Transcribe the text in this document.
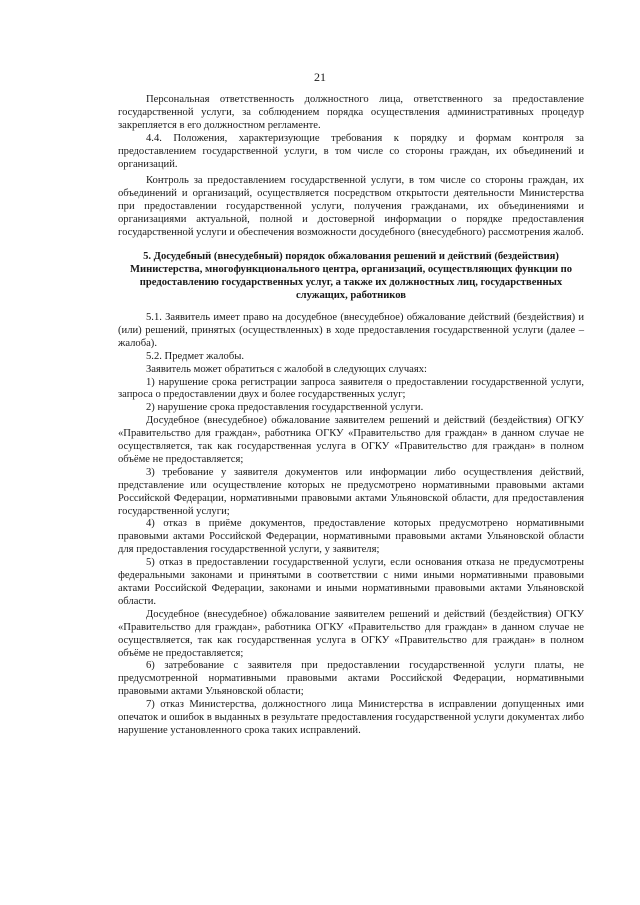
21

Персональная ответственность должностного лица, ответственного за предоставление государственной услуги, за соблюдением порядка осуществления административных процедур закрепляется в его должностном регламенте.

4.4. Положения, характеризующие требования к порядку и формам контроля за предоставлением государственной услуги, в том числе со стороны граждан, их объединений и организаций.

Контроль за предоставлением государственной услуги, в том числе со стороны граждан, их объединений и организаций, осуществляется посредством открытости деятельности Министерства при предоставлении государственной услуги, получения гражданами, их объединениями и организациями актуальной, полной и достоверной информации о порядке предоставления государственной услуги и обеспечения возможности досудебного (внесудебного) рассмотрения жалоб.

5. Досудебный (внесудебный) порядок обжалования решений и действий (бездействия) Министерства, многофункционального центра, организаций, осуществляющих функции по предоставлению государственных услуг, а также их должностных лиц, государственных служащих, работников

5.1. Заявитель имеет право на досудебное (внесудебное) обжалование действий (бездействия) и (или) решений, принятых (осуществленных) в ходе предоставления государственной услуги (далее – жалоба).

5.2. Предмет жалобы.

Заявитель может обратиться с жалобой в следующих случаях:

1) нарушение срока регистрации запроса заявителя о предоставлении государственной услуги, запроса о предоставлении двух и более государственных услуг;

2) нарушение срока предоставления государственной услуги.

Досудебное (внесудебное) обжалование заявителем решений и действий (бездействия) ОГКУ «Правительство для граждан», работника ОГКУ «Правительство для граждан» в данном случае не осуществляется, так как государственная услуга в ОГКУ «Правительство для граждан» в полном объёме не предоставляется;

3) требование у заявителя документов или информации либо осуществления действий, представление или осуществление которых не предусмотрено нормативными правовыми актами Российской Федерации, нормативными правовыми актами Ульяновской области, для предоставления государственной услуги;

4) отказ в приёме документов, предоставление которых предусмотрено нормативными правовыми актами Российской Федерации, нормативными правовыми актами Ульяновской области для предоставления государственной услуги, у заявителя;

5) отказ в предоставлении государственной услуги, если основания отказа не предусмотрены федеральными законами и принятыми в соответствии с ними иными нормативными правовыми актами Российской Федерации, законами и иными нормативными правовыми актами Ульяновской области.

Досудебное (внесудебное) обжалование заявителем решений и действий (бездействия) ОГКУ «Правительство для граждан», работника ОГКУ «Правительство для граждан» в данном случае не осуществляется, так как государственная услуга в ОГКУ «Правительство для граждан» в полном объёме не предоставляется;

6) затребование с заявителя при предоставлении государственной услуги платы, не предусмотренной нормативными правовыми актами Российской Федерации, нормативными правовыми актами Ульяновской области;

7) отказ Министерства, должностного лица Министерства в исправлении допущенных ими опечаток и ошибок в выданных в результате предоставления государственной услуги документах либо нарушение установленного срока таких исправлений.
